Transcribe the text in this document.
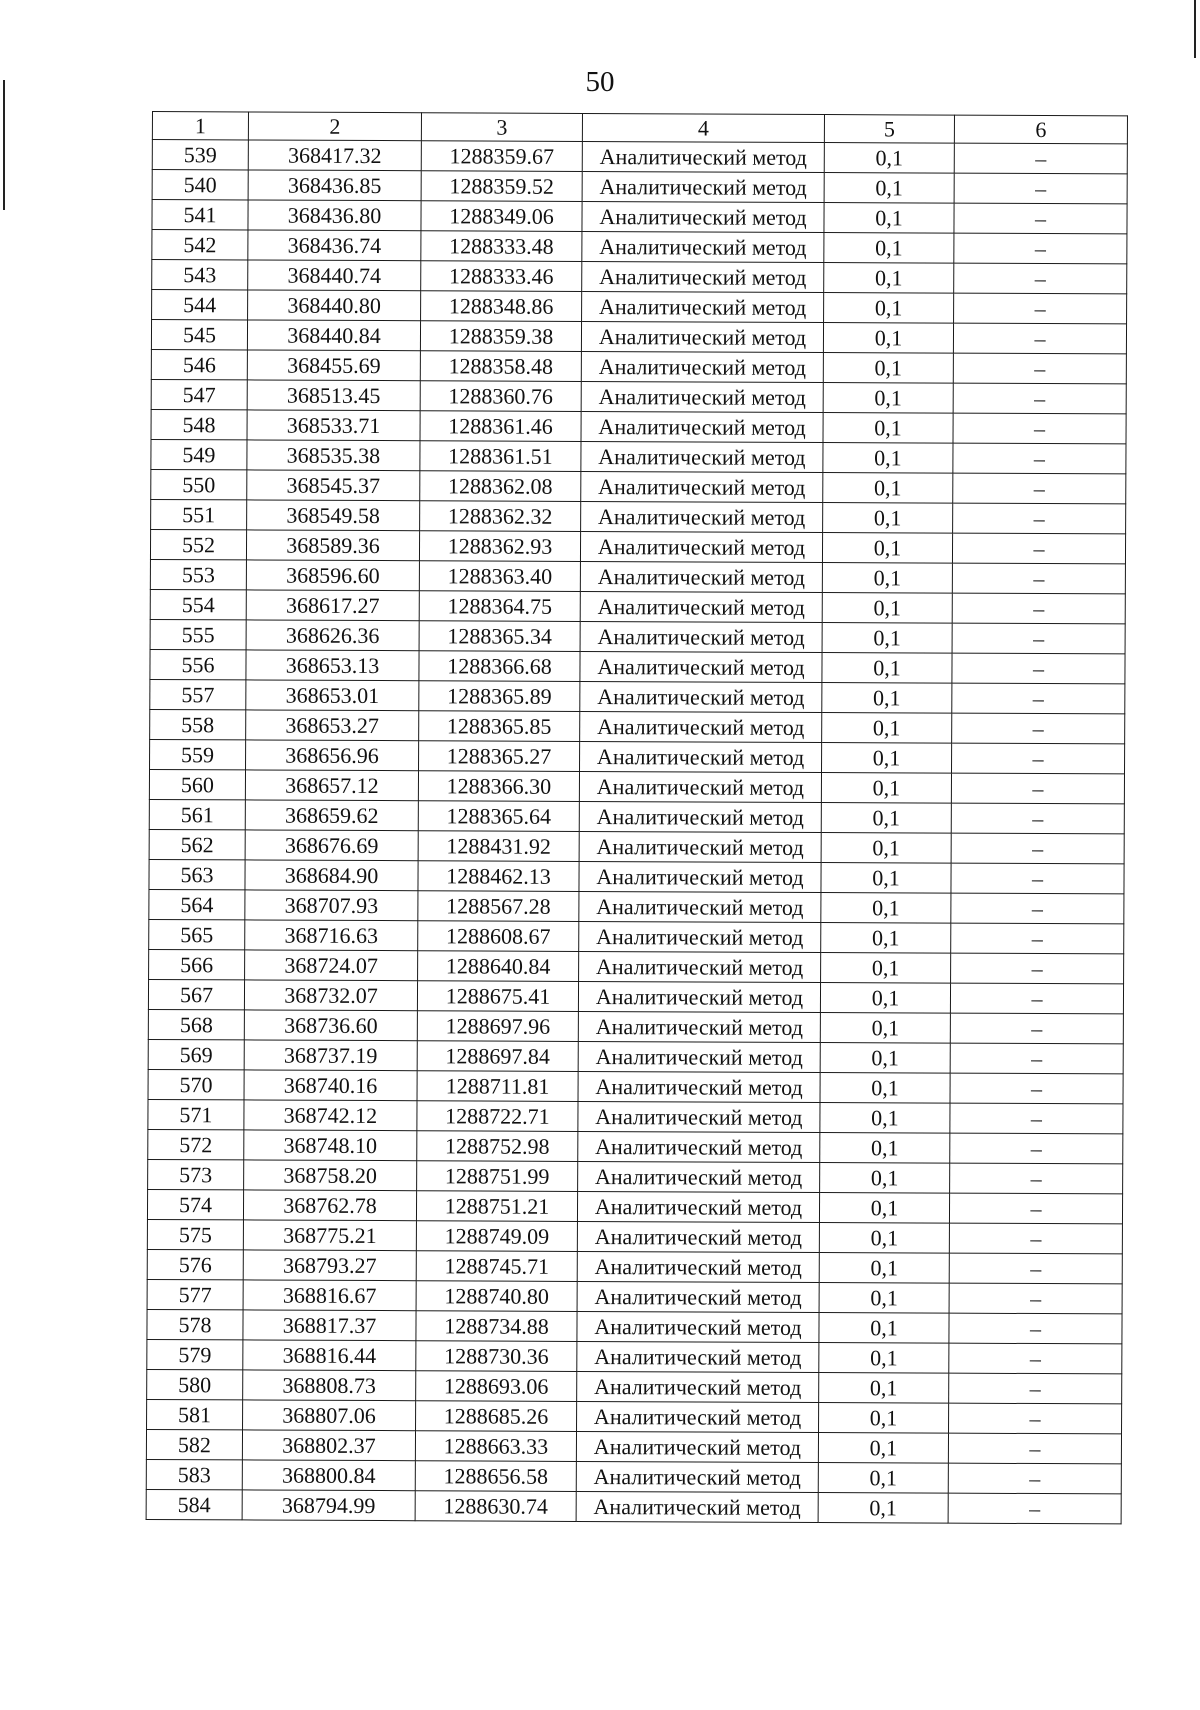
50
1	2	3	4	5	6
539	368417.32	1288359.67	Аналитический метод	0,1	–
540	368436.85	1288359.52	Аналитический метод	0,1	–
541	368436.80	1288349.06	Аналитический метод	0,1	–
542	368436.74	1288333.48	Аналитический метод	0,1	–
543	368440.74	1288333.46	Аналитический метод	0,1	–
544	368440.80	1288348.86	Аналитический метод	0,1	–
545	368440.84	1288359.38	Аналитический метод	0,1	–
546	368455.69	1288358.48	Аналитический метод	0,1	–
547	368513.45	1288360.76	Аналитический метод	0,1	–
548	368533.71	1288361.46	Аналитический метод	0,1	–
549	368535.38	1288361.51	Аналитический метод	0,1	–
550	368545.37	1288362.08	Аналитический метод	0,1	–
551	368549.58	1288362.32	Аналитический метод	0,1	–
552	368589.36	1288362.93	Аналитический метод	0,1	–
553	368596.60	1288363.40	Аналитический метод	0,1	–
554	368617.27	1288364.75	Аналитический метод	0,1	–
555	368626.36	1288365.34	Аналитический метод	0,1	–
556	368653.13	1288366.68	Аналитический метод	0,1	–
557	368653.01	1288365.89	Аналитический метод	0,1	–
558	368653.27	1288365.85	Аналитический метод	0,1	–
559	368656.96	1288365.27	Аналитический метод	0,1	–
560	368657.12	1288366.30	Аналитический метод	0,1	–
561	368659.62	1288365.64	Аналитический метод	0,1	–
562	368676.69	1288431.92	Аналитический метод	0,1	–
563	368684.90	1288462.13	Аналитический метод	0,1	–
564	368707.93	1288567.28	Аналитический метод	0,1	–
565	368716.63	1288608.67	Аналитический метод	0,1	–
566	368724.07	1288640.84	Аналитический метод	0,1	–
567	368732.07	1288675.41	Аналитический метод	0,1	–
568	368736.60	1288697.96	Аналитический метод	0,1	–
569	368737.19	1288697.84	Аналитический метод	0,1	–
570	368740.16	1288711.81	Аналитический метод	0,1	–
571	368742.12	1288722.71	Аналитический метод	0,1	–
572	368748.10	1288752.98	Аналитический метод	0,1	–
573	368758.20	1288751.99	Аналитический метод	0,1	–
574	368762.78	1288751.21	Аналитический метод	0,1	–
575	368775.21	1288749.09	Аналитический метод	0,1	–
576	368793.27	1288745.71	Аналитический метод	0,1	–
577	368816.67	1288740.80	Аналитический метод	0,1	–
578	368817.37	1288734.88	Аналитический метод	0,1	–
579	368816.44	1288730.36	Аналитический метод	0,1	–
580	368808.73	1288693.06	Аналитический метод	0,1	–
581	368807.06	1288685.26	Аналитический метод	0,1	–
582	368802.37	1288663.33	Аналитический метод	0,1	–
583	368800.84	1288656.58	Аналитический метод	0,1	–
584	368794.99	1288630.74	Аналитический метод	0,1	–
